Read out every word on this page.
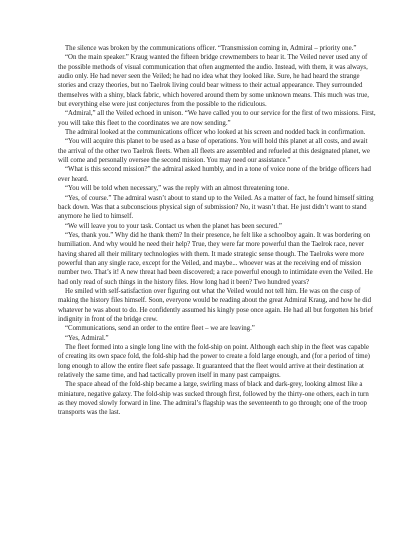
The silence was broken by the communications officer. “Transmission coming in, Admiral – priority one.”

“On the main speaker.” Kraug wanted the fifteen bridge crewmembers to hear it. The Veiled never used any of the possible methods of visual communication that often augmented the audio. Instead, with them, it was always, audio only. He had never seen the Veiled; he had no idea what they looked like. Sure, he had heard the strange stories and crazy theories, but no Taelrok living could bear witness to their actual appearance. They surrounded themselves with a shiny, black fabric, which hovered around them by some unknown means. This much was true, but everything else were just conjectures from the possible to the ridiculous.

“Admiral,” all the Veiled echoed in unison. “We have called you to our service for the first of two missions. First, you will take this fleet to the coordinates we are now sending.”

The admiral looked at the communications officer who looked at his screen and nodded back in confirmation.

“You will acquire this planet to be used as a base of operations. You will hold this planet at all costs, and await the arrival of the other two Taelrok fleets. When all fleets are assembled and refueled at this designated planet, we will come and personally oversee the second mission. You may need our assistance.”

“What is this second mission?” the admiral asked humbly, and in a tone of voice none of the bridge officers had ever heard.

“You will be told when necessary,” was the reply with an almost threatening tone.

“Yes, of course.” The admiral wasn’t about to stand up to the Veiled. As a matter of fact, he found himself sitting back down. Was that a subconscious physical sign of submission? No, it wasn’t that. He just didn’t want to stand anymore he lied to himself.

“We will leave you to your task. Contact us when the planet has been secured.”

“Yes, thank you.” Why did he thank them? In their presence, he felt like a schoolboy again. It was bordering on humiliation. And why would he need their help? True, they were far more powerful than the Taelrok race, never having shared all their military technologies with them. It made strategic sense though. The Taelroks were more powerful than any single race, except for the Veiled, and maybe... whoever was at the receiving end of mission number two. That’s it! A new threat had been discovered; a race powerful enough to intimidate even the Veiled. He had only read of such things in the history files. How long had it been? Two hundred years?

He smiled with self-satisfaction over figuring out what the Veiled would not tell him. He was on the cusp of making the history files himself. Soon, everyone would be reading about the great Admiral Kraug, and how he did whatever he was about to do. He confidently assumed his kingly pose once again. He had all but forgotten his brief indignity in front of the bridge crew.

“Communications, send an order to the entire fleet – we are leaving.”

“Yes, Admiral.”

The fleet formed into a single long line with the fold-ship on point. Although each ship in the fleet was capable of creating its own space fold, the fold-ship had the power to create a fold large enough, and (for a period of time) long enough to allow the entire fleet safe passage. It guaranteed that the fleet would arrive at their destination at relatively the same time, and had tactically proven itself in many past campaigns.

The space ahead of the fold-ship became a large, swirling mass of black and dark-grey, looking almost like a miniature, negative galaxy. The fold-ship was sucked through first, followed by the thirty-one others, each in turn as they moved slowly forward in line. The admiral’s flagship was the seventeenth to go through; one of the troop transports was the last.
